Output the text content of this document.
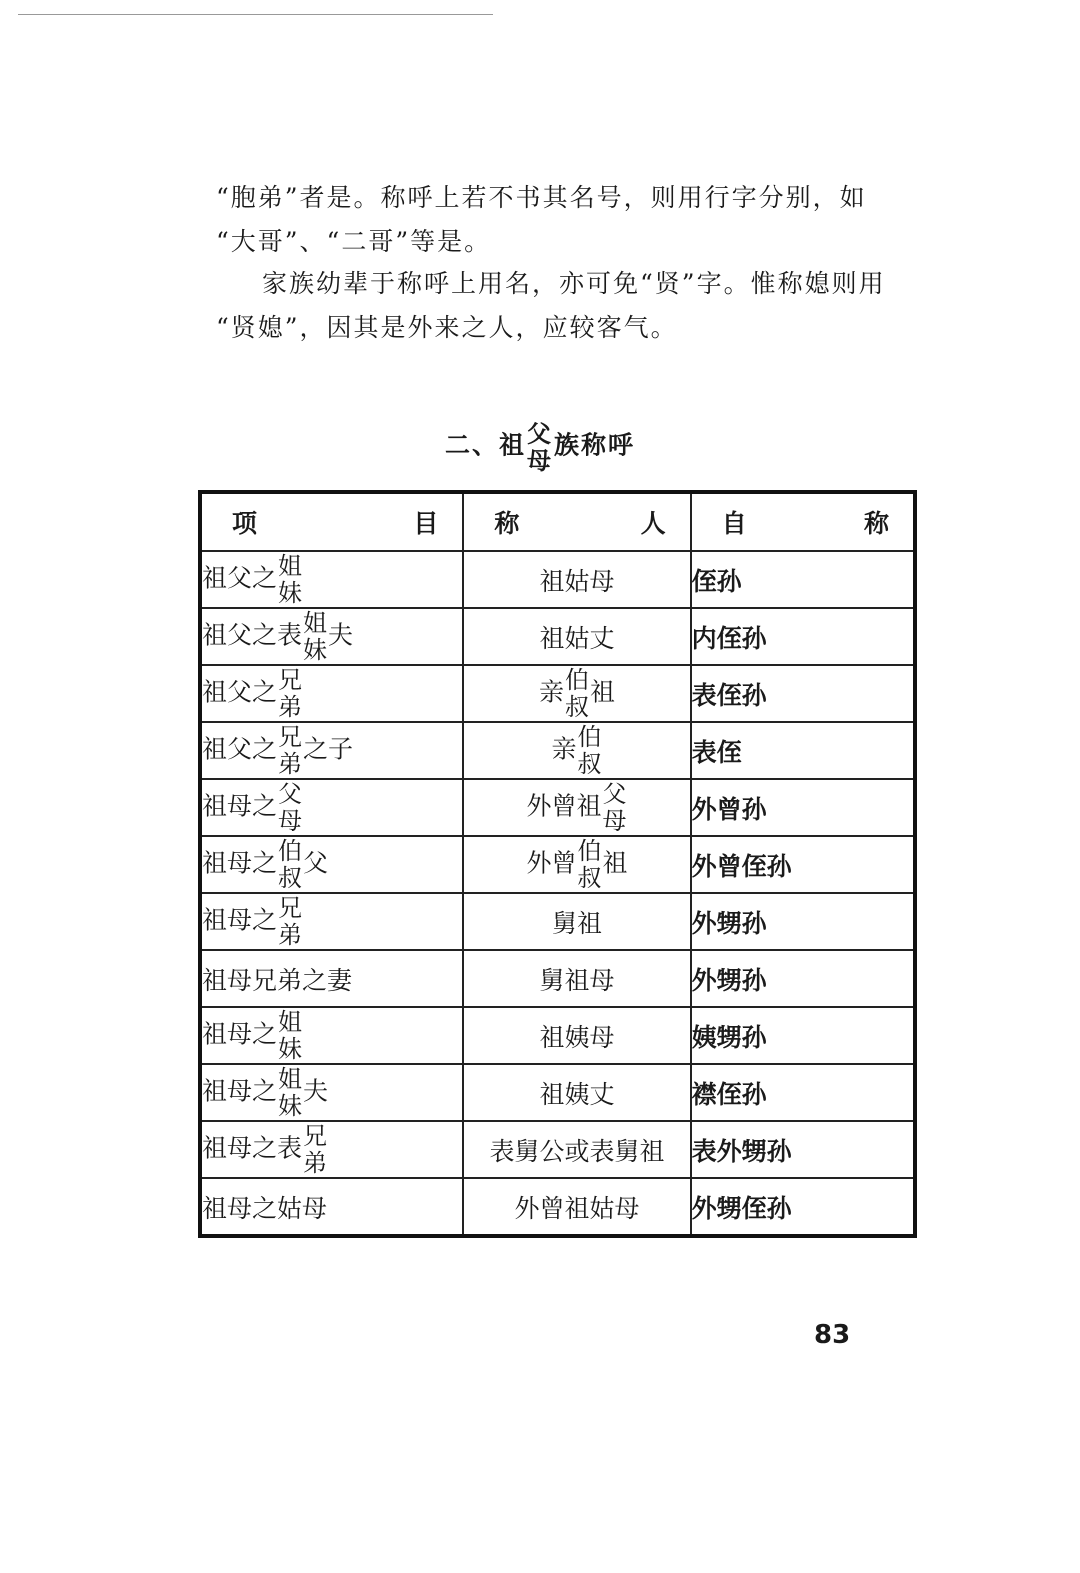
“胞弟”者是。称呼上若不书其名号，则用行字分别，如
“大哥”、“二哥”等是。
家族幼辈于称呼上用名，亦可免“贤”字。惟称媳则用
“贤媳”，因其是外来之人，应较客气。
二、祖 父
母
族称呼
项 目	称 人	自 称

祖父之 姐
妹	祖姑母	侄孙
祖父之表 姐
妹
夫	祖姑丈	内侄孙
祖父之 兄
弟	亲 伯
叔
祖	表侄孙
祖父之 兄
弟
之子	亲 伯
叔	表侄
祖母之 父
母	外曾祖 父
母	外曾孙
祖母之 伯
叔
父	外曾 伯
叔
祖	外曾侄孙
祖母之 兄
弟	舅祖	外甥孙
祖母兄弟之妻	舅祖母	外甥孙
祖母之 姐
妹	祖姨母	姨甥孙
祖母之 姐
妹
夫	祖姨丈	襟侄孙
祖母之表 兄
弟	表舅公或表舅祖	表外甥孙
祖母之姑母	外曾祖姑母	外甥侄孙
83
